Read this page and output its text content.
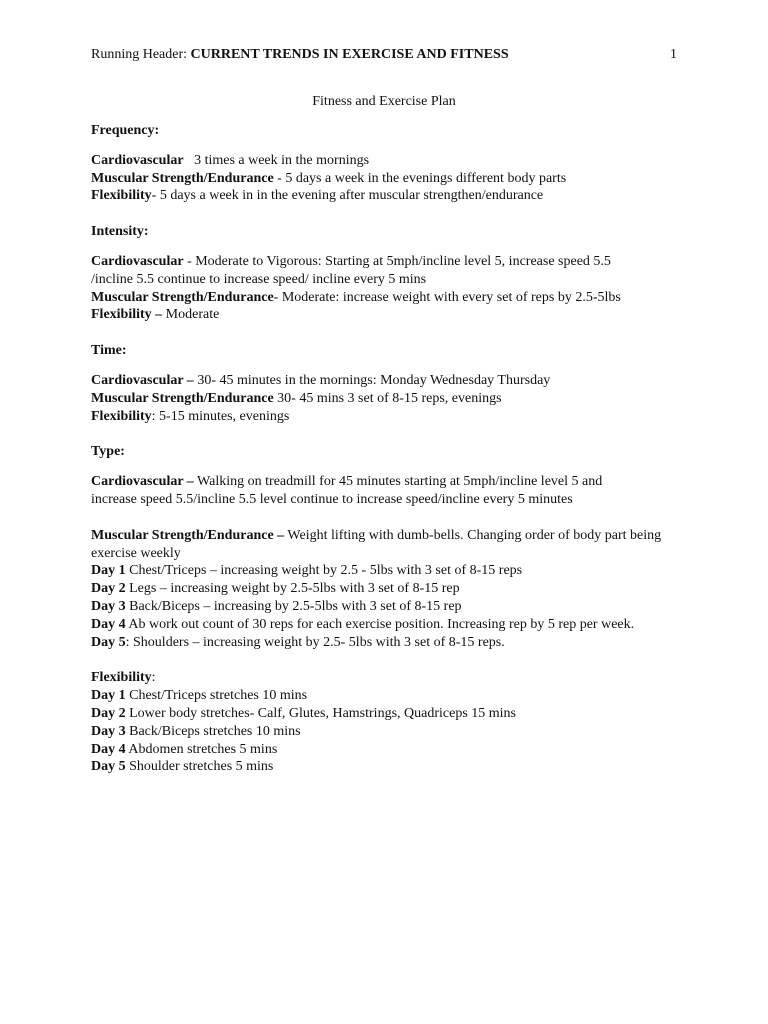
Running Header: CURRENT TRENDS IN EXERCISE AND FITNESS	1
Fitness and Exercise Plan

Frequency:

Cardiovascular   3 times a week in the mornings

Muscular Strength/Endurance - 5 days a week in the evenings different body parts

Flexibility- 5 days a week in in the evening after muscular strengthen/endurance

Intensity:

Cardiovascular - Moderate to Vigorous: Starting at 5mph/incline level 5, increase speed 5.5 /incline 5.5 continue to increase speed/ incline every 5 mins

Muscular Strength/Endurance- Moderate: increase weight with every set of reps by 2.5-5lbs

Flexibility – Moderate

Time:

Cardiovascular – 30- 45 minutes in the mornings: Monday Wednesday Thursday

Muscular Strength/Endurance 30- 45 mins 3 set of 8-15 reps, evenings

Flexibility: 5-15 minutes, evenings

Type:

Cardiovascular – Walking on treadmill for 45 minutes starting at 5mph/incline level 5 and increase speed 5.5/incline 5.5 level continue to increase speed/incline every 5 minutes

Muscular Strength/Endurance – Weight lifting with dumb-bells. Changing order of body part being exercise weekly

Day 1 Chest/Triceps – increasing weight by 2.5 - 5lbs with 3 set of 8-15 reps

Day 2 Legs – increasing weight by 2.5-5lbs with 3 set of 8-15 rep

Day 3 Back/Biceps – increasing by 2.5-5lbs with 3 set of 8-15 rep

Day 4 Ab work out count of 30 reps for each exercise position. Increasing rep by 5 rep per week.

Day 5: Shoulders – increasing weight by 2.5- 5lbs with 3 set of 8-15 reps.

Flexibility:

Day 1 Chest/Triceps stretches 10 mins

Day 2 Lower body stretches- Calf, Glutes, Hamstrings, Quadriceps 15 mins

Day 3 Back/Biceps stretches 10 mins

Day 4 Abdomen stretches 5 mins

Day 5 Shoulder stretches 5 mins
